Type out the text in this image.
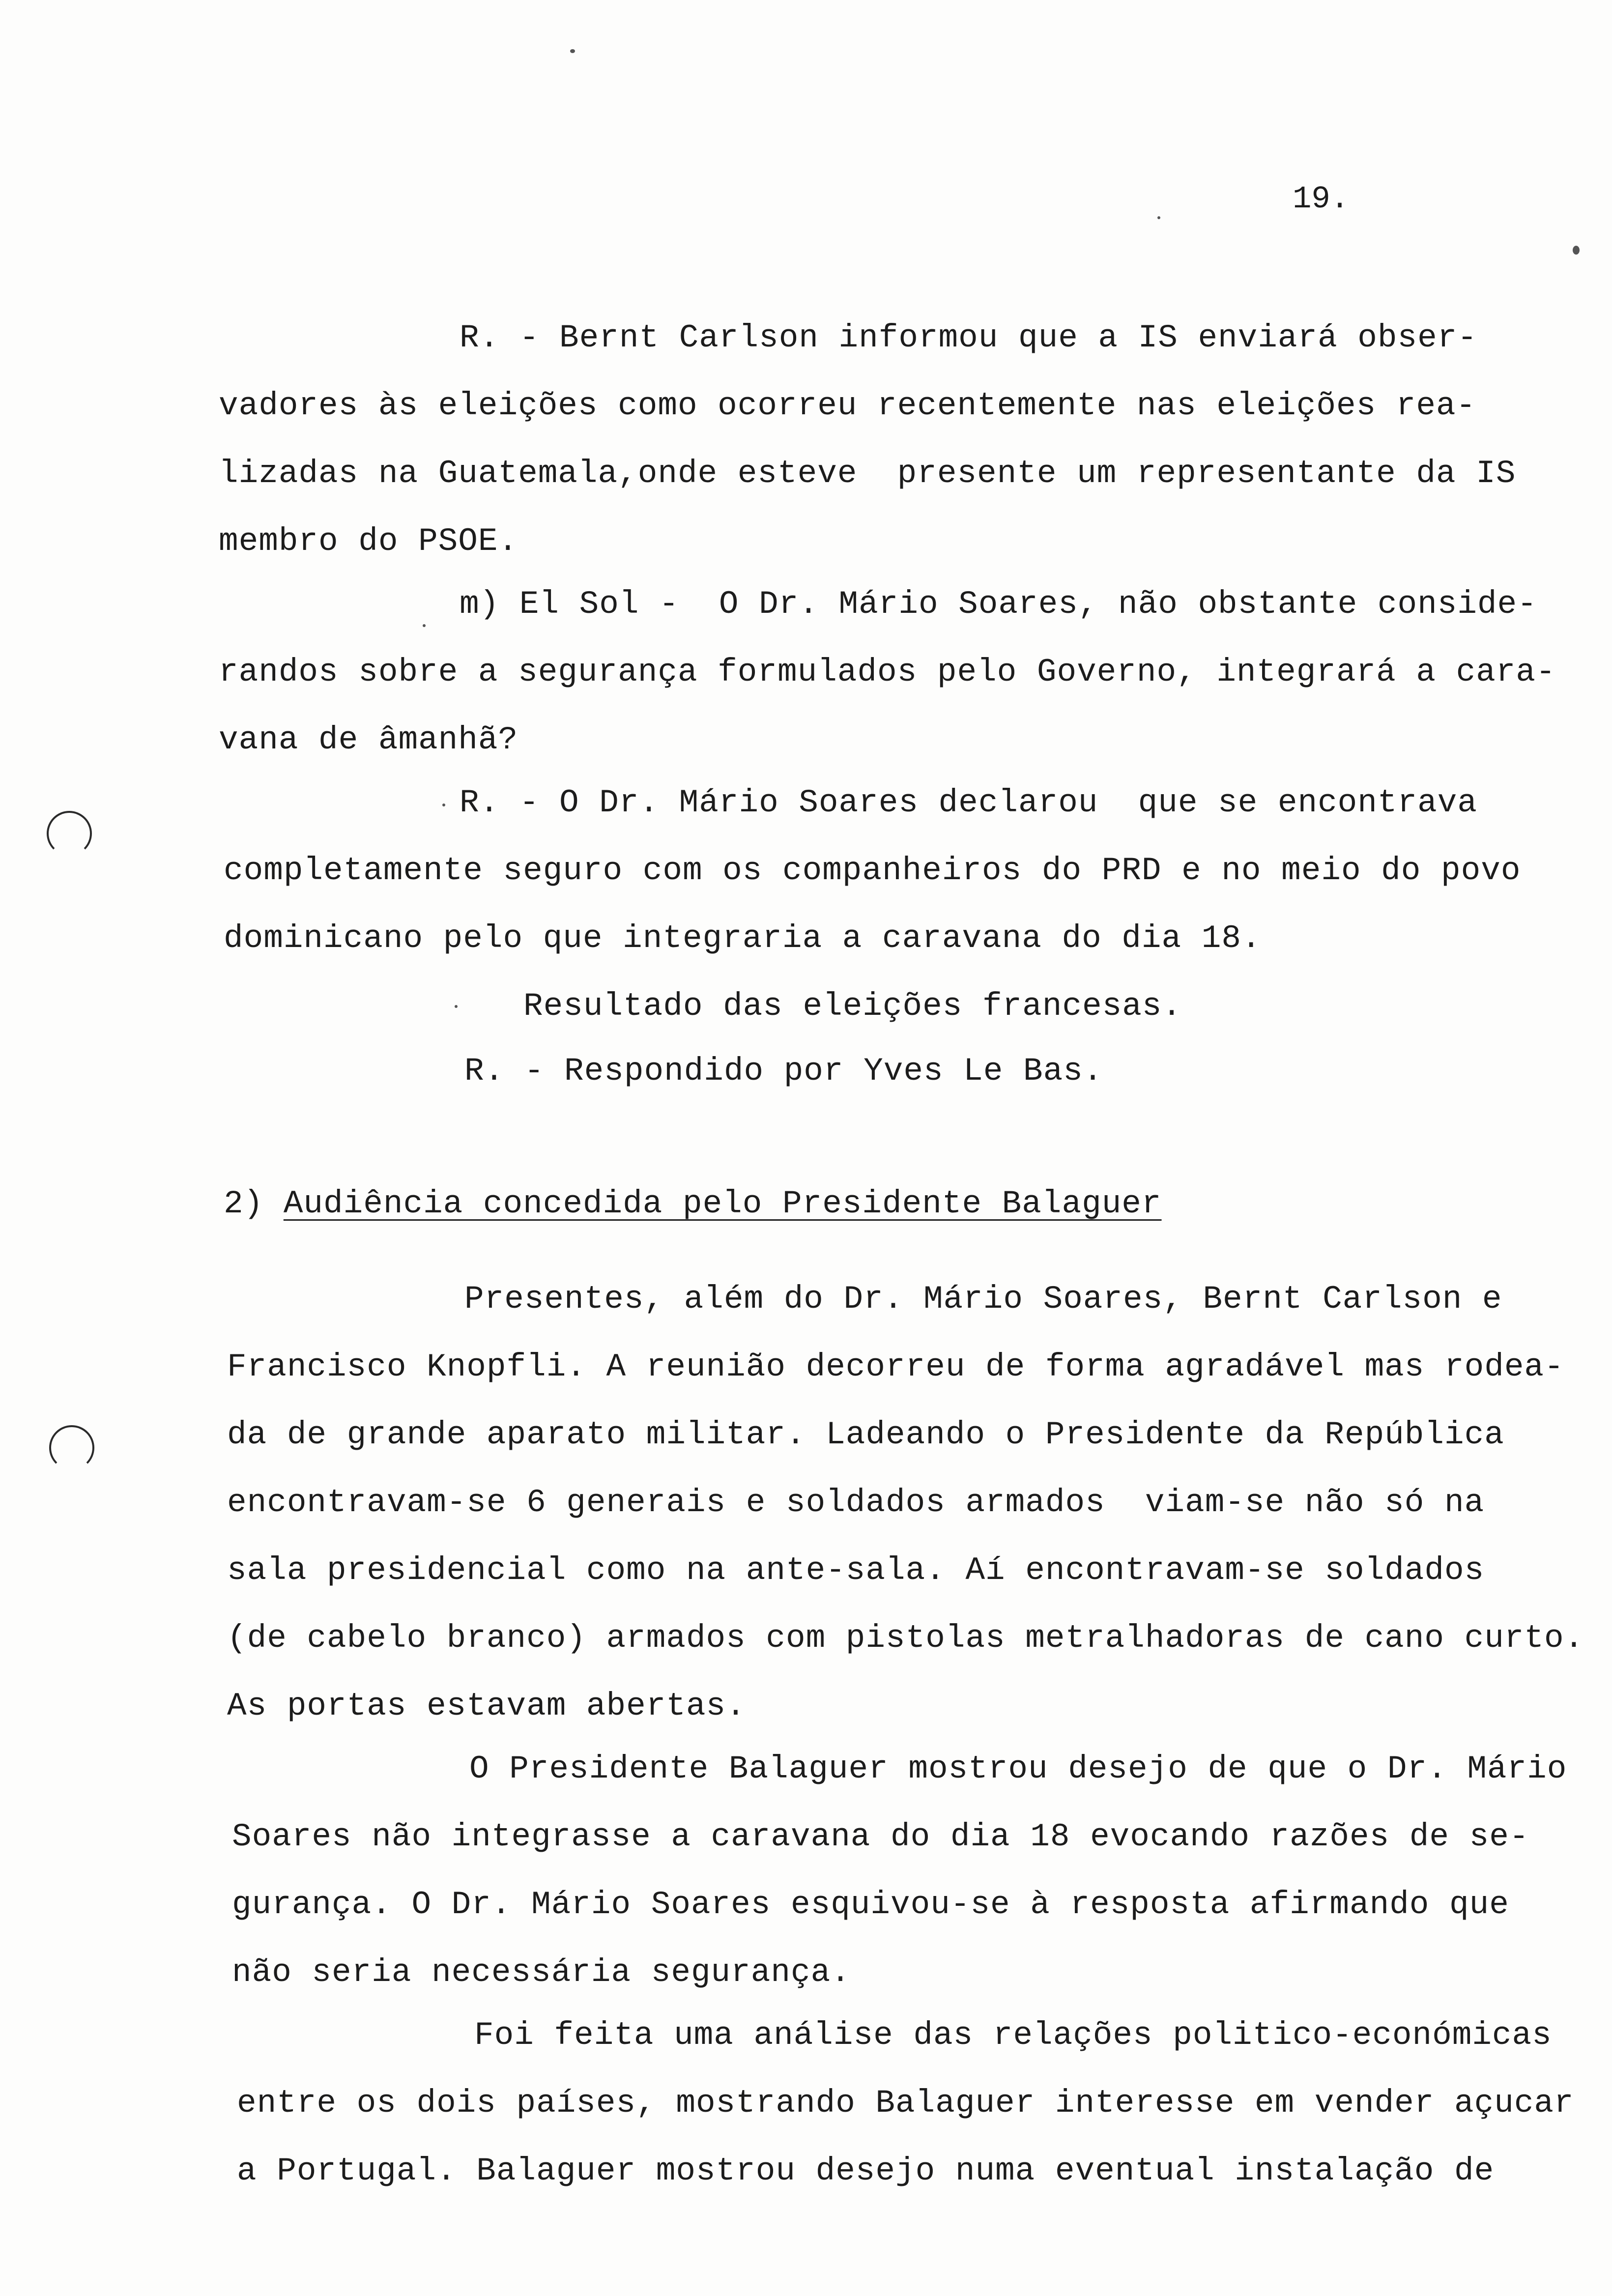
19.
R. - Bernt Carlson informou que a IS enviará obser-
vadores às eleições como ocorreu recentemente nas eleições rea-
lizadas na Guatemala,onde esteve  presente um representante da IS
membro do PSOE.
m) El Sol -  O Dr. Mário Soares, não obstante conside-
randos sobre a segurança formulados pelo Governo, integrará a cara-
vana de âmanhã?
R. - O Dr. Mário Soares declarou  que se encontrava
completamente seguro com os companheiros do PRD e no meio do povo
dominicano pelo que integraria a caravana do dia 18.
Resultado das eleições francesas.
R. - Respondido por Yves Le Bas.
2) Audiência concedida pelo Presidente Balaguer
Presentes, além do Dr. Mário Soares, Bernt Carlson e
Francisco Knopfli. A reunião decorreu de forma agradável mas rodea-
da de grande aparato militar. Ladeando o Presidente da República
encontravam-se 6 generais e soldados armados  viam-se não só na
sala presidencial como na ante-sala. Aí encontravam-se soldados
(de cabelo branco) armados com pistolas metralhadoras de cano curto.
As portas estavam abertas.
O Presidente Balaguer mostrou desejo de que o Dr. Mário
Soares não integrasse a caravana do dia 18 evocando razões de se-
gurança. O Dr. Mário Soares esquivou-se à resposta afirmando que
não seria necessária segurança.
Foi feita uma análise das relações politico-económicas
entre os dois países, mostrando Balaguer interesse em vender açucar
a Portugal. Balaguer mostrou desejo numa eventual instalação de
